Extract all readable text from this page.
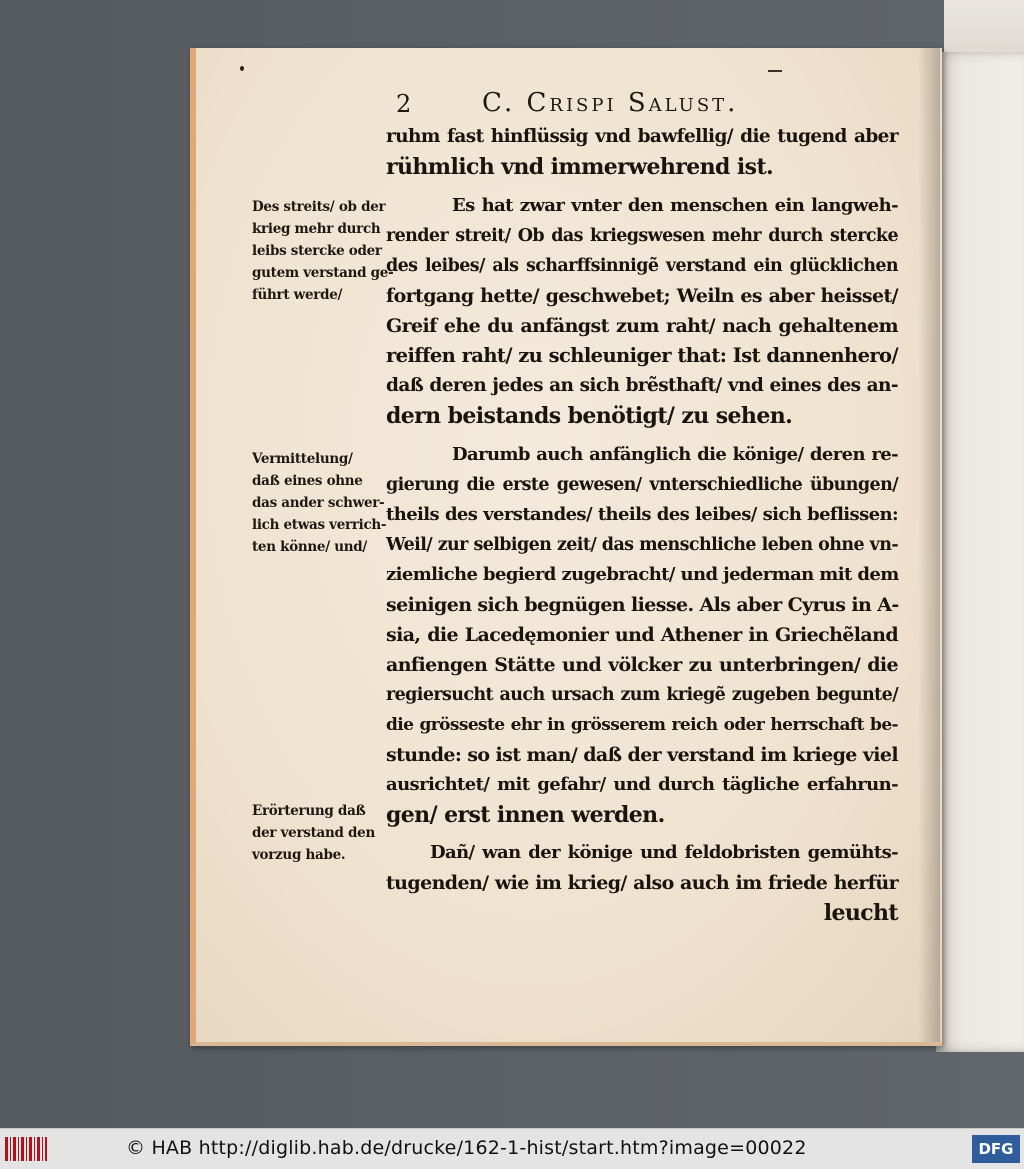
2	C. Crispi Salust.
ruhm fast hinflüssig vnd bawfellig/ die tugend aber
rühmlich vnd immerwehrend ist.
Es hat zwar vnter den menschen ein langweh-
render streit/ Ob das kriegswesen mehr durch stercke
des leibes/ als scharffsinnigẽ verstand ein glücklichen
fortgang hette/ geschwebet; Weiln es aber heisset/
Greif ehe du anfängst zum raht/ nach gehaltenem
reiffen raht/ zu schleuniger that: Ist dannenhero/
daß deren jedes an sich brẽsthaft/ vnd eines des an-
dern beistands benötigt/ zu sehen.
Darumb auch anfänglich die könige/ deren re-
gierung die erste gewesen/ vnterschiedliche übungen/
theils des verstandes/ theils des leibes/ sich beflissen:
Weil/ zur selbigen zeit/ das menschliche leben ohne vn-
ziemliche begierd zugebracht/ und jederman mit dem
seinigen sich begnügen liesse. Als aber Cyrus in A-
sia, die Lacedęmonier und Athener in Griechẽland
anfiengen Stätte und völcker zu unterbringen/ die
regiersucht auch ursach zum kriegẽ zugeben begunte/
die grösseste ehr in grösserem reich oder herrschaft be-
stunde: so ist man/ daß der verstand im kriege viel
ausrichtet/ mit gefahr/ und durch tägliche erfahrun-
gen/ erst innen werden.
Dañ/ wan der könige und feldobristen gemühts-
tugenden/ wie im krieg/ also auch im friede herfür
leucht
Des streits/ ob der
krieg mehr durch
leibs stercke oder
gutem verstand ge-
führt werde/
Vermittelung/
daß eines ohne
das ander schwer-
lich etwas verrich-
ten könne/ und/
Erörterung daß
der verstand den
vorzug habe.
© HAB http://diglib.hab.de/drucke/162-1-hist/start.htm?image=00022	DFG
